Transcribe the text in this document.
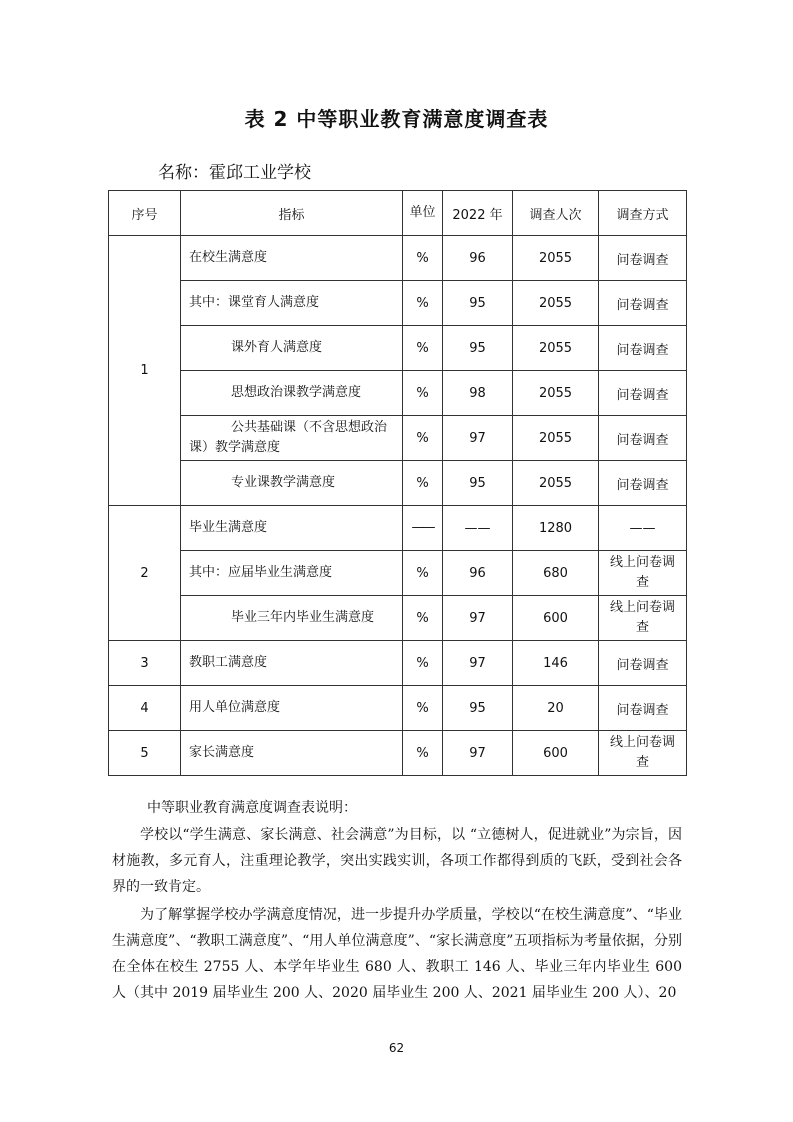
表 2 中等职业教育满意度调查表
名称：霍邱工业学校
序号	指标	单位	2022 年	调查人次	调查方式
1	在校生满意度	%	96	2055	问卷调查
	其中：课堂育人满意度	%	95	2055	问卷调查
	课外育人满意度	%	95	2055	问卷调查
	思想政治课教学满意度	%	98	2055	问卷调查

	公共基础课（不含思想政治
课）教学满意度	%	97	2055	问卷调查
	专业课教学满意度	%	95	2055	问卷调查
2	毕业生满意度	——	——	1280	——
	其中：应届毕业生满意度	%	96	680	线上问卷调
查

	毕业三年内毕业生满意度	%	97	600	线上问卷调
查

3	教职工满意度	%	97	146	问卷调查
4	用人单位满意度	%	95	20	问卷调查
5	家长满意度	%	97	600	线上问卷调
查
中等职业教育满意度调查表说明：

学校以“学生满意、家长满意、社会满意”为目标，以 “立德树人，促进就业”为宗旨，因材施教，多元育人，注重理论教学，突出实践实训，各项工作都得到质的飞跃，受到社会各界的一致肯定。

为了解掌握学校办学满意度情况，进一步提升办学质量，学校以“在校生满意度”、“毕业生满意度”、“教职工满意度”、“用人单位满意度”、“家长满意度”五项指标为考量依据，分别在全体在校生 2755 人、本学年毕业生 680 人、教职工 146 人、毕业三年内毕业生 600 人（其中 2019 届毕业生 200 人、2020 届毕业生 200 人、2021 届毕业生 200 人）、20

62
